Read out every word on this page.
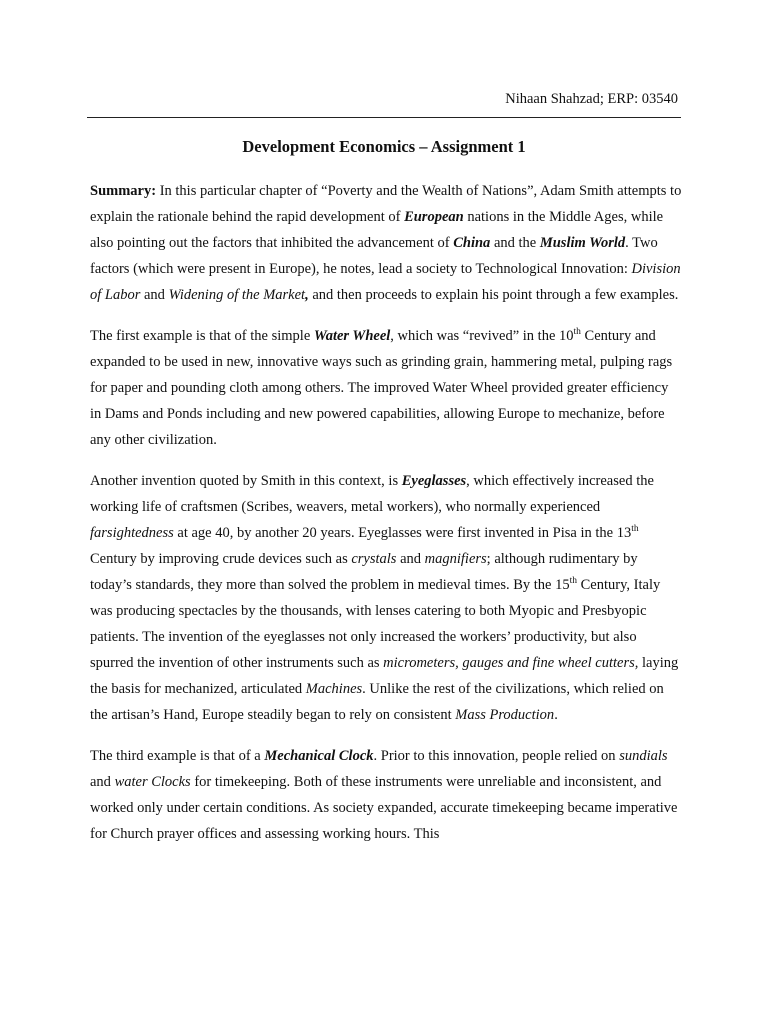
Nihaan Shahzad; ERP: 03540
Development Economics – Assignment 1

Summary: In this particular chapter of “Poverty and the Wealth of Nations”, Adam Smith attempts to explain the rationale behind the rapid development of European nations in the Middle Ages, while also pointing out the factors that inhibited the advancement of China and the Muslim World. Two factors (which were present in Europe), he notes, lead a society to Technological Innovation: Division of Labor and Widening of the Market, and then proceeds to explain his point through a few examples.

The first example is that of the simple Water Wheel, which was “revived” in the 10th Century and expanded to be used in new, innovative ways such as grinding grain, hammering metal, pulping rags for paper and pounding cloth among others. The improved Water Wheel provided greater efficiency in Dams and Ponds including and new powered capabilities, allowing Europe to mechanize, before any other civilization.

Another invention quoted by Smith in this context, is Eyeglasses, which effectively increased the working life of craftsmen (Scribes, weavers, metal workers), who normally experienced farsightedness at age 40, by another 20 years. Eyeglasses were first invented in Pisa in the 13th Century by improving crude devices such as crystals and magnifiers; although rudimentary by today’s standards, they more than solved the problem in medieval times. By the 15th Century, Italy was producing spectacles by the thousands, with lenses catering to both Myopic and Presbyopic patients. The invention of the eyeglasses not only increased the workers’ productivity, but also spurred the invention of other instruments such as micrometers, gauges and fine wheel cutters, laying the basis for mechanized, articulated Machines. Unlike the rest of the civilizations, which relied on the artisan’s Hand, Europe steadily began to rely on consistent Mass Production.

The third example is that of a Mechanical Clock. Prior to this innovation, people relied on sundials and water Clocks for timekeeping. Both of these instruments were unreliable and inconsistent, and worked only under certain conditions. As society expanded, accurate timekeeping became imperative for Church prayer offices and assessing working hours. This
